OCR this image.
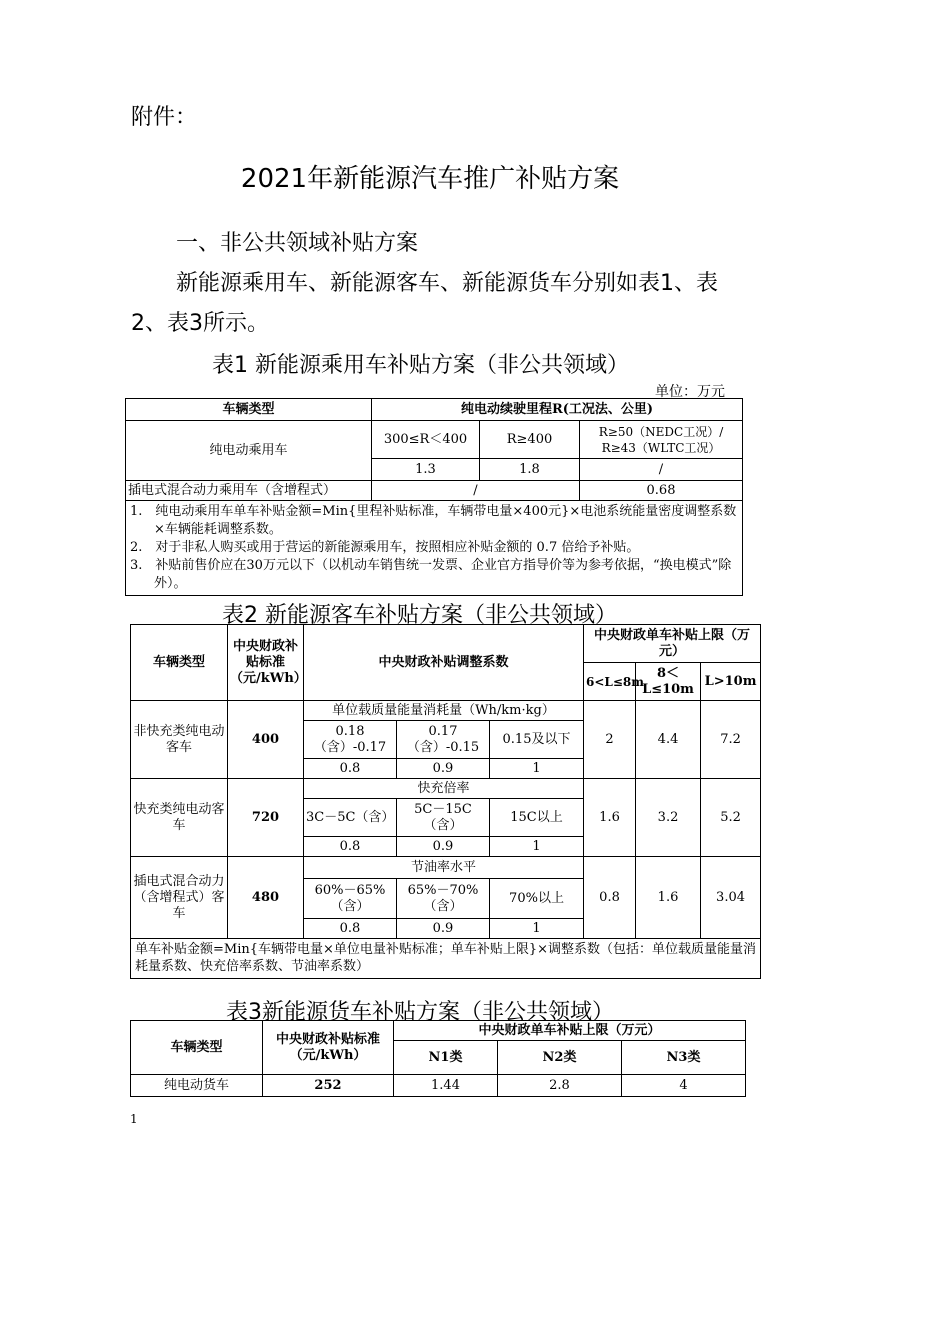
附件：
2021年新能源汽车推广补贴方案
一、非公共领域补贴方案
新能源乘用车、新能源客车、新能源货车分别如表1、表2、表3所示。
表1 新能源乘用车补贴方案（非公共领域）
单位：万元
车辆类型	纯电动续驶里程R(工况法、公里)		
纯电动乘用车	300≤R＜400	R≥400	R≥50（NEDC工况）/ R≥43（WLTC工况）
	1.3	1.8	/
插电式混合动力乘用车（含增程式）	/		0.68

1.　纯电动乘用车单车补贴金额=Min{里程补贴标准，车辆带电量×400元}×电池系统能量密度调整系数×车辆能耗调整系数。
2.　对于非私人购买或用于营运的新能源乘用车，按照相应补贴金额的 0.7 倍给予补贴。
3.　补贴前售价应在30万元以下（以机动车销售统一发票、企业官方指导价等为参考依据，“换电模式”除外）。			
表2 新能源客车补贴方案（非公共领域）
车辆类型	中央财政补贴标准（元/kWh）	中央财政补贴调整系数			中央财政单车补贴上限（万元）		
					6<L≤8m	8＜L≤10m	L>10m
非快充类纯电动客车	400	单位载质量能量消耗量（Wh/km·kg）			2	4.4	7.2
		0.18（含）-0.17	0.17（含）-0.15	0.15及以下			
		0.8	0.9	1			
快充类纯电动客车	720	快充倍率			1.6	3.2	5.2
		3C－5C（含）	5C－15C（含）	15C以上			
		0.8	0.9	1			
插电式混合动力（含增程式）客车	480	节油率水平			0.8	1.6	3.04
		60%－65%（含）	65%－70%（含）	70%以上			
		0.8	0.9	1			
单车补贴金额=Min{车辆带电量×单位电量补贴标准；单车补贴上限}×调整系数（包括：单位载质量能量消耗量系数、快充倍率系数、节油率系数）							
表3新能源货车补贴方案（非公共领域）
车辆类型	中央财政补贴标准（元/kWh）	中央财政单车补贴上限（万元）		
		N1类	N2类	N3类
纯电动货车	252	1.44	2.8	4
1
